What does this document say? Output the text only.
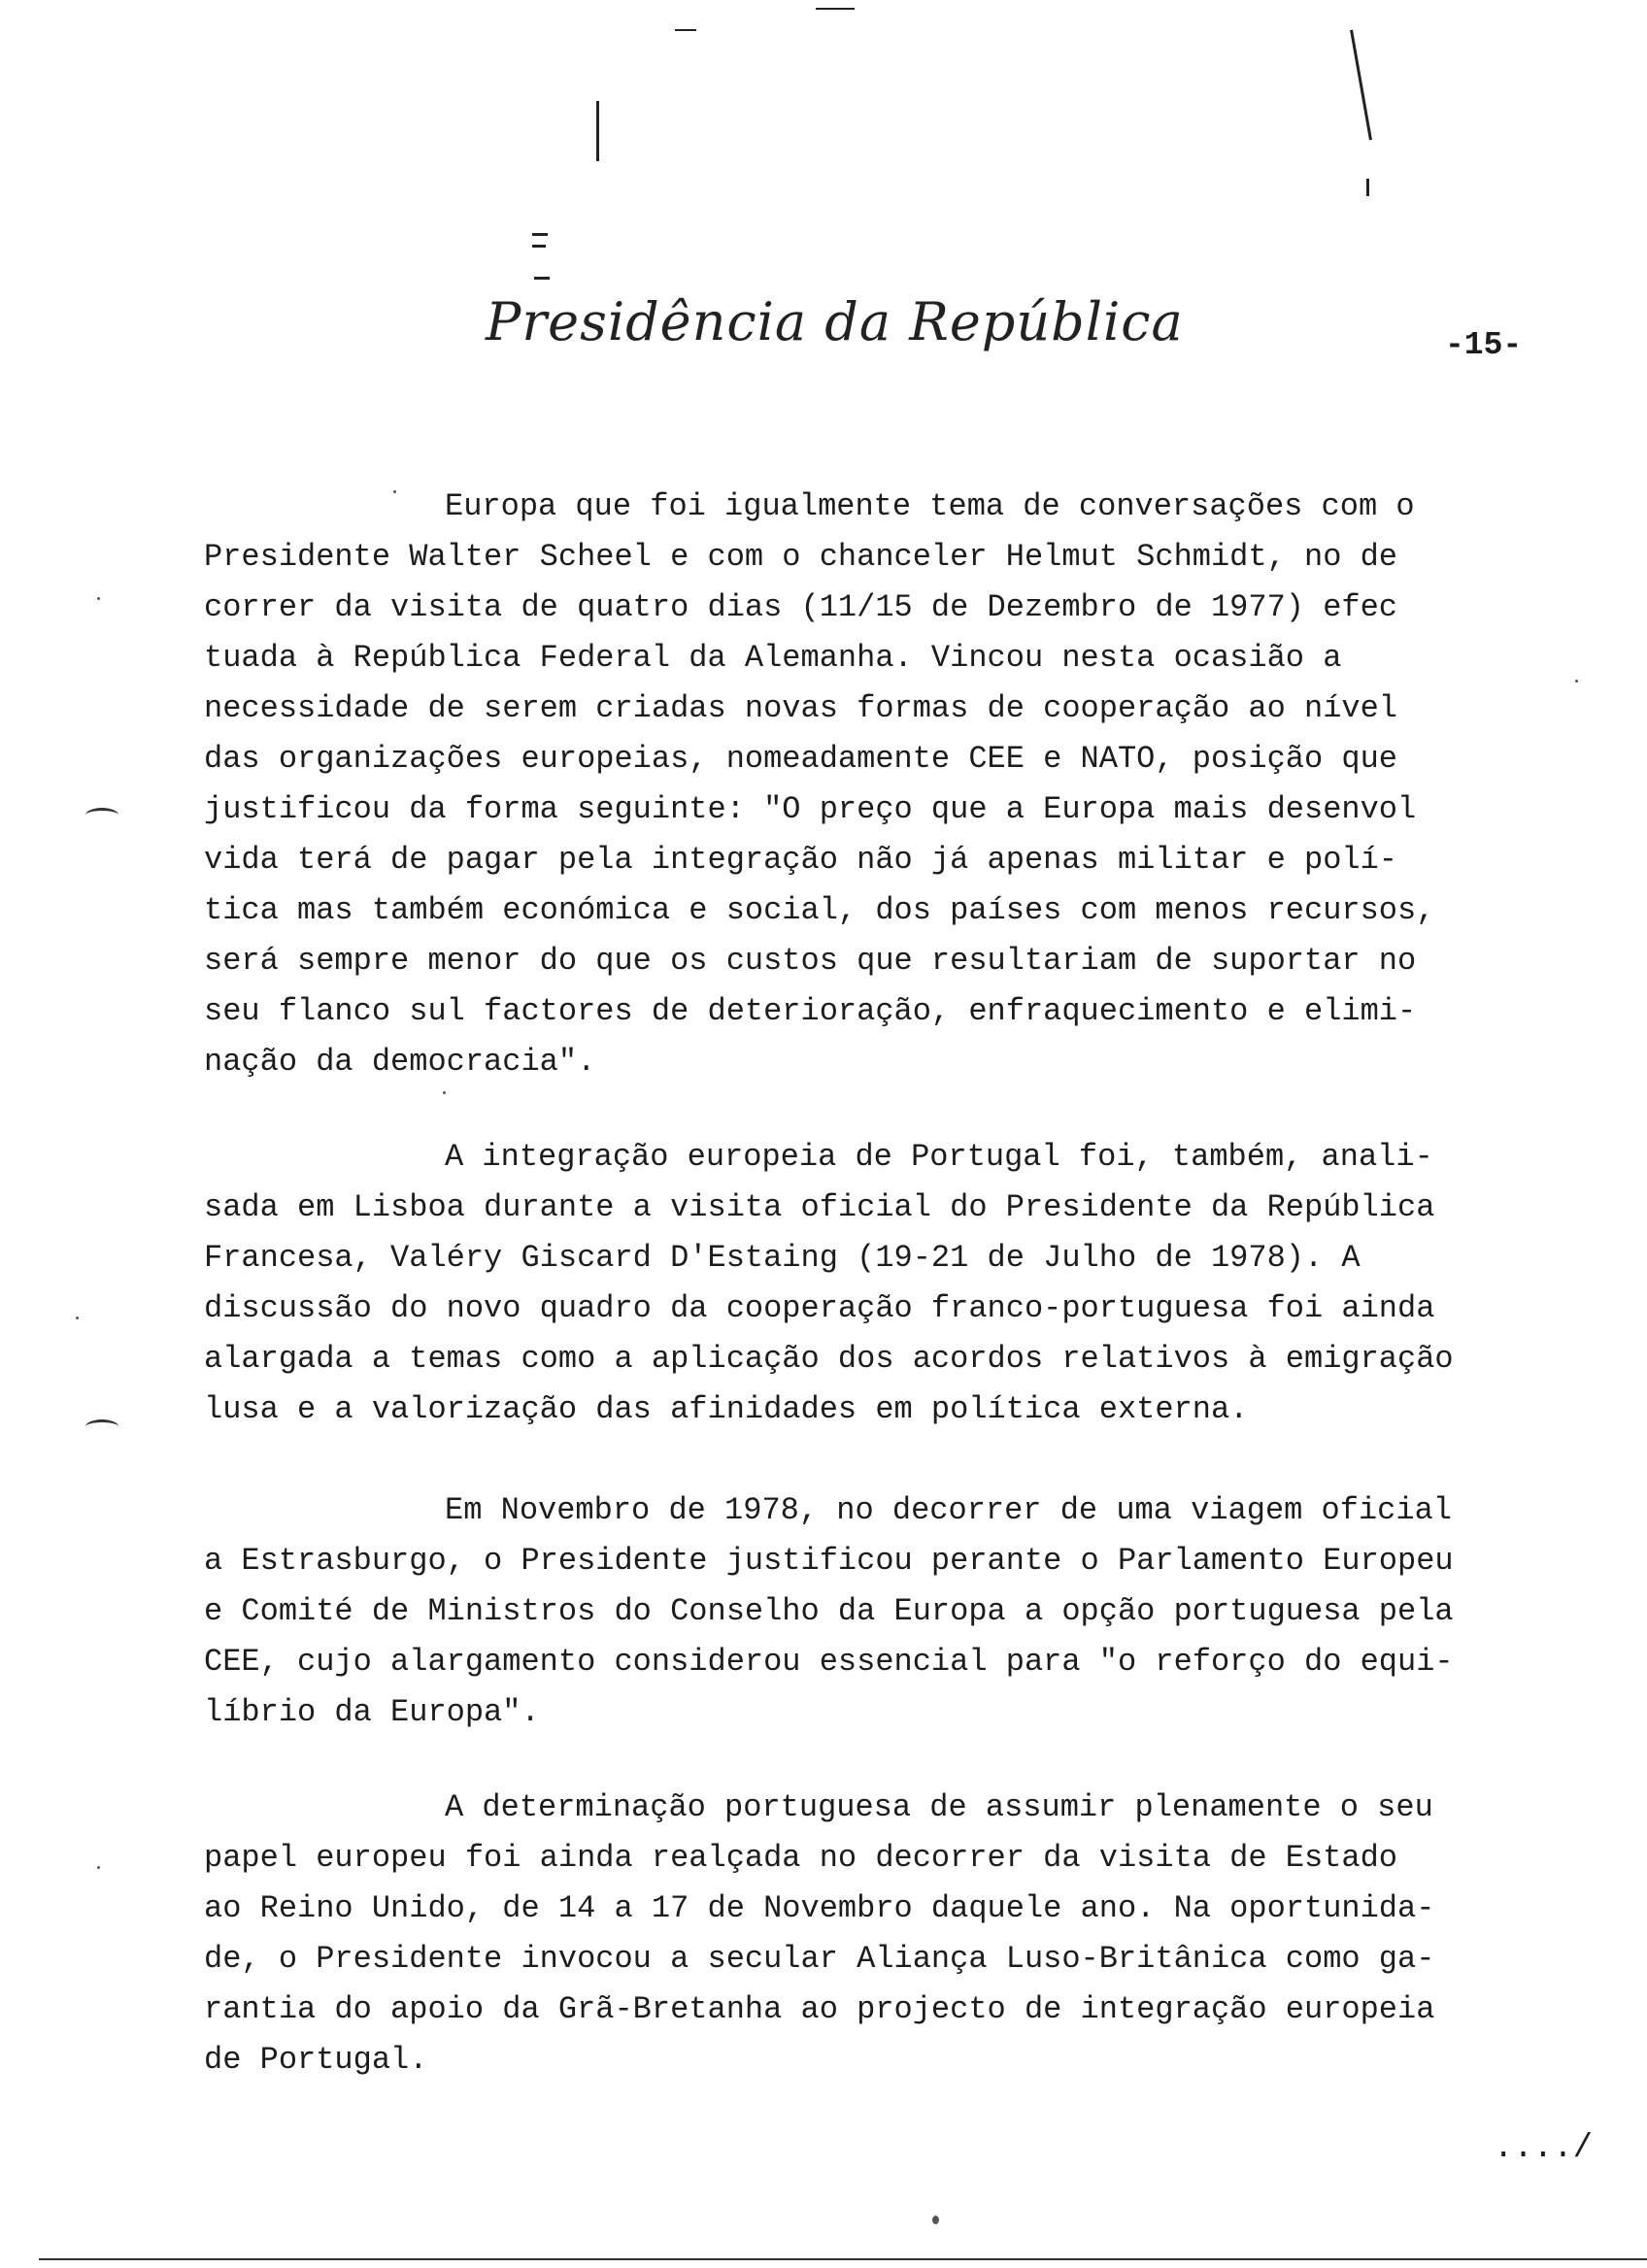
Presidência da República	-15-
Europa que foi igualmente tema de conversações com o
Presidente Walter Scheel e com o chanceler Helmut Schmidt, no de
correr da visita de quatro dias (11/15 de Dezembro de 1977) efec
tuada à República Federal da Alemanha. Vincou nesta ocasião a
necessidade de serem criadas novas formas de cooperação ao nível
das organizações europeias, nomeadamente CEE e NATO, posição que
justificou da forma seguinte: "O preço que a Europa mais desenvol
vida terá de pagar pela integração não já apenas militar e polí-
tica mas também económica e social, dos países com menos recursos,
será sempre menor do que os custos que resultariam de suportar no
seu flanco sul factores de deterioração, enfraquecimento e elimi-
nação da democracia".
A integração europeia de Portugal foi, também, anali-
sada em Lisboa durante a visita oficial do Presidente da República
Francesa, Valéry Giscard D'Estaing (19-21 de Julho de 1978). A
discussão do novo quadro da cooperação franco-portuguesa foi ainda
alargada a temas como a aplicação dos acordos relativos à emigração
lusa e a valorização das afinidades em política externa.
Em Novembro de 1978, no decorrer de uma viagem oficial
a Estrasburgo, o Presidente justificou perante o Parlamento Europeu
e Comité de Ministros do Conselho da Europa a opção portuguesa pela
CEE, cujo alargamento considerou essencial para "o reforço do equi-
líbrio da Europa".
A determinação portuguesa de assumir plenamente o seu
papel europeu foi ainda realçada no decorrer da visita de Estado
ao Reino Unido, de 14 a 17 de Novembro daquele ano. Na oportunida-
de, o Presidente invocou a secular Aliança Luso-Britânica como ga-
rantia do apoio da Grã-Bretanha ao projecto de integração europeia
de Portugal.
..../
